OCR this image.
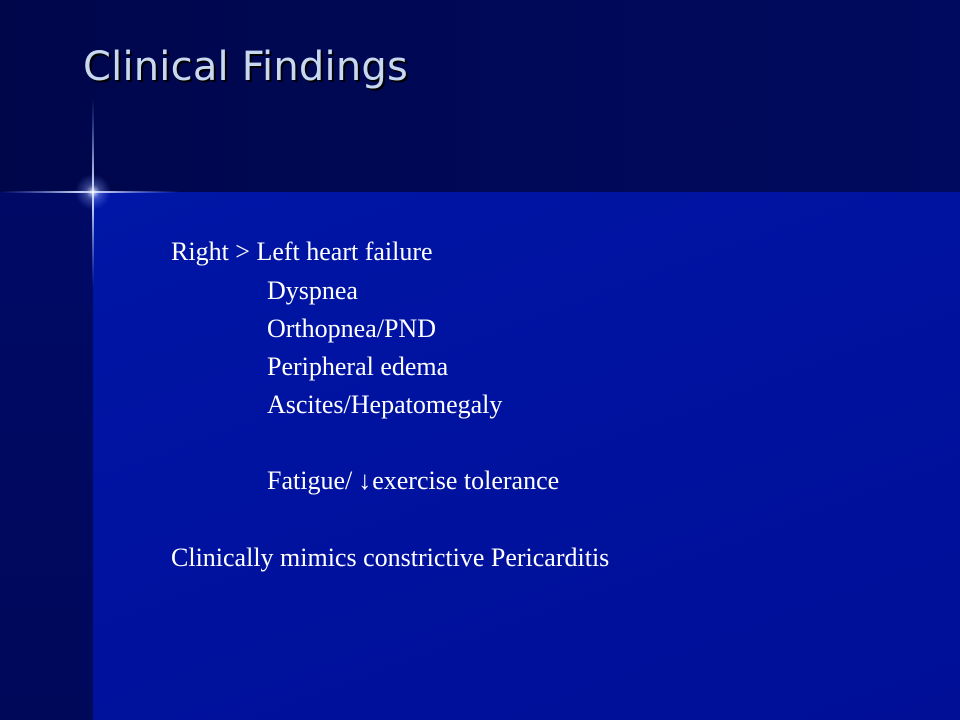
Clinical Findings
Right > Left heart failure
Dyspnea
Orthopnea/PND
Peripheral edema
Ascites/Hepatomegaly
Fatigue/ ↓exercise tolerance
Clinically mimics constrictive Pericarditis
